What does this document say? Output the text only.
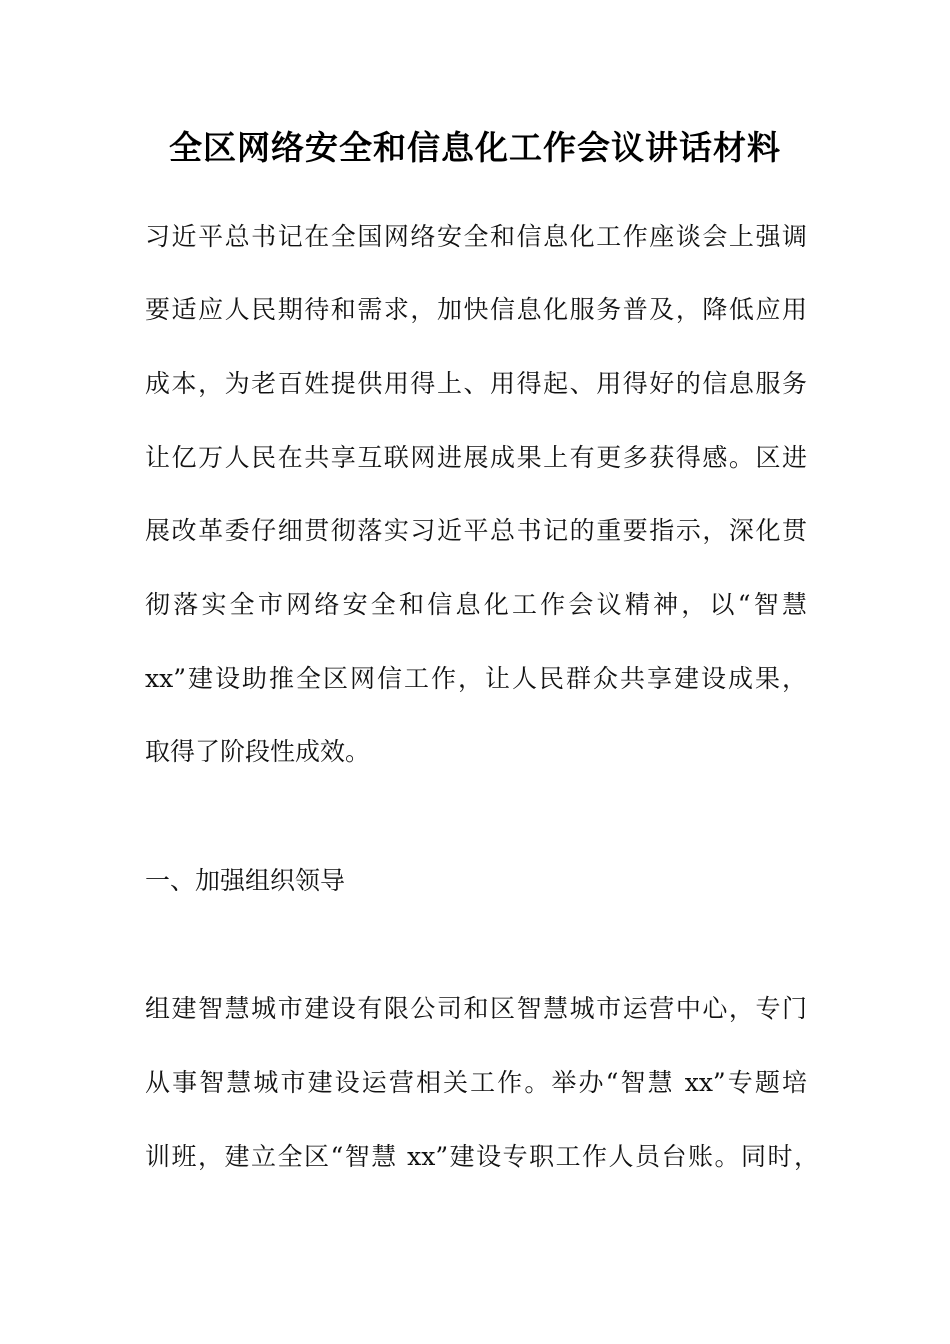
全区网络安全和信息化工作会议讲话材料
习近平总书记在全国网络安全和信息化工作座谈会上强调
要适应人民期待和需求，加快信息化服务普及，降低应用
成本，为老百姓提供用得上、用得起、用得好的信息服务
让亿万人民在共享互联网进展成果上有更多获得感。区进
展改革委仔细贯彻落实习近平总书记的重要指示，深化贯
彻落实全市网络安全和信息化工作会议精神，以“智慧
xx”建设助推全区网信工作，让人民群众共享建设成果，
取得了阶段性成效。
一、加强组织领导
组建智慧城市建设有限公司和区智慧城市运营中心，专门
从事智慧城市建设运营相关工作。举办“智慧 xx”专题培
训班，建立全区“智慧 xx”建设专职工作人员台账。同时，
